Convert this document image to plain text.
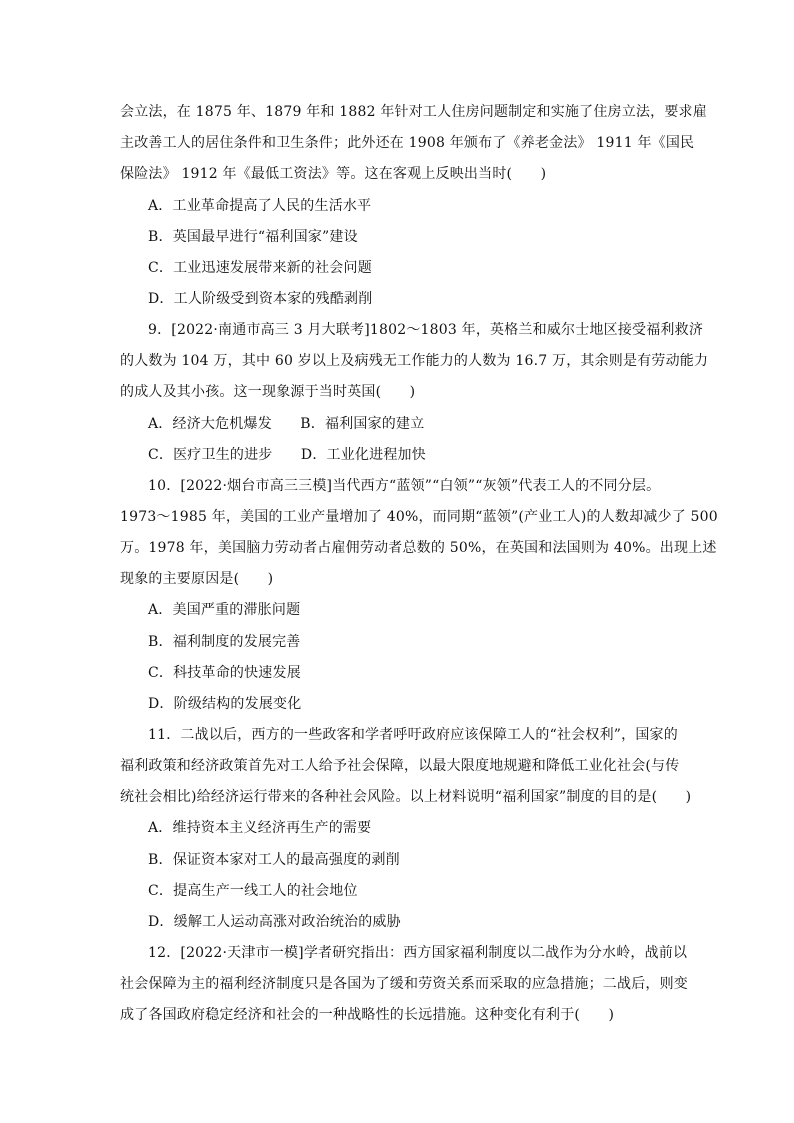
会立法，在 1875 年、1879 年和 1882 年针对工人住房问题制定和实施了住房立法，要求雇
主改善工人的居住条件和卫生条件；此外还在 1908 年颁布了《养老金法》 1911 年《国民
保险法》 1912 年《最低工资法》等。这在客观上反映出当时(　　)
A．工业革命提高了人民的生活水平
B．英国最早进行“福利国家”建设
C．工业迅速发展带来新的社会问题
D．工人阶级受到资本家的残酷剥削
9．[2022·南通市高三 3 月大联考]1802～1803 年，英格兰和威尔士地区接受福利救济
的人数为 104 万，其中 60 岁以上及病残无工作能力的人数为 16.7 万，其余则是有劳动能力
的成人及其小孩。这一现象源于当时英国(　　)
A．经济大危机爆发　　B．福利国家的建立
C．医疗卫生的进步　　D．工业化进程加快
10．[2022·烟台市高三三模]当代西方“蓝领”“白领”“灰领”代表工人的不同分层。
1973～1985 年，美国的工业产量增加了 40%，而同期“蓝领”(产业工人)的人数却减少了 500
万。1978 年，美国脑力劳动者占雇佣劳动者总数的 50%，在英国和法国则为 40%。出现上述
现象的主要原因是(　　)
A．美国严重的滞胀问题
B．福利制度的发展完善
C．科技革命的快速发展
D．阶级结构的发展变化
11．二战以后，西方的一些政客和学者呼吁政府应该保障工人的“社会权利”，国家的
福利政策和经济政策首先对工人给予社会保障，以最大限度地规避和降低工业化社会(与传
统社会相比)给经济运行带来的各种社会风险。以上材料说明“福利国家”制度的目的是(　　)
A．维持资本主义经济再生产的需要
B．保证资本家对工人的最高强度的剥削
C．提高生产一线工人的社会地位
D．缓解工人运动高涨对政治统治的威胁
12．[2022·天津市一模]学者研究指出：西方国家福利制度以二战作为分水岭，战前以
社会保障为主的福利经济制度只是各国为了缓和劳资关系而采取的应急措施；二战后，则变
成了各国政府稳定经济和社会的一种战略性的长远措施。这种变化有利于(　　)
